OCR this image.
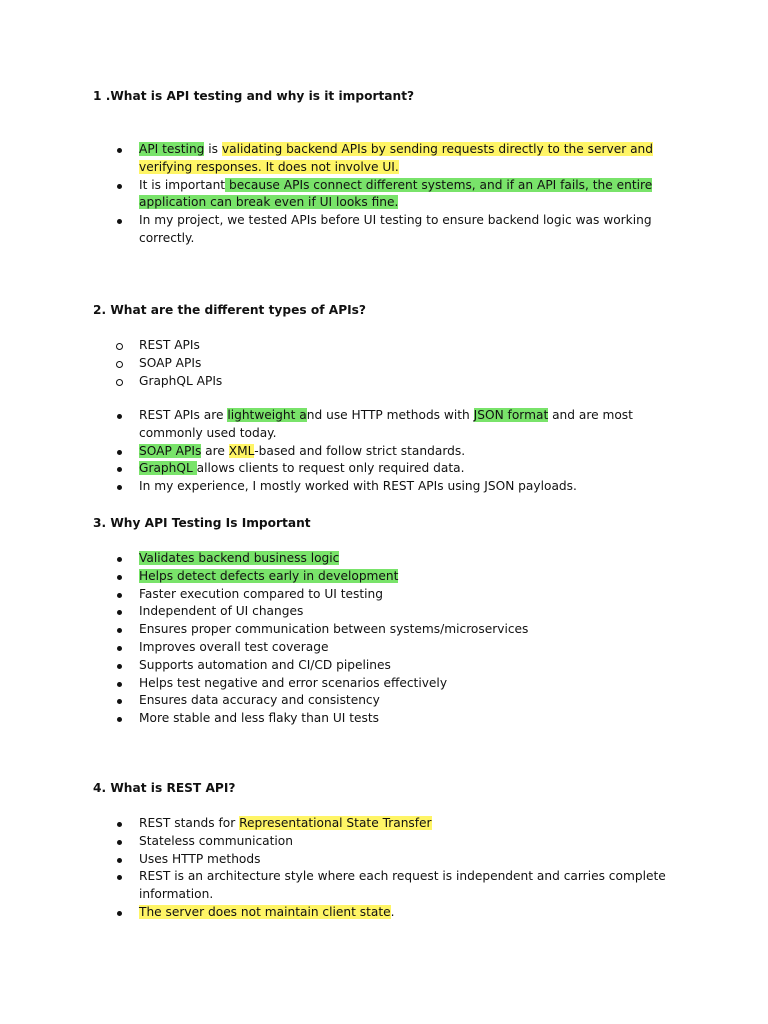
1 .What is API testing and why is it important?

API testing is validating backend APIs by sending requests directly to the server and verifying responses. It does not involve UI.
It is important because APIs connect different systems, and if an API fails, the entire application can break even if UI looks fine.
In my project, we tested APIs before UI testing to ensure backend logic was working correctly.

2. What are the different types of APIs?

REST APIs
SOAP APIs
GraphQL APIs
REST APIs are lightweight and use HTTP methods with JSON format and are most commonly used today.
SOAP APIs are XML-based and follow strict standards.
GraphQL allows clients to request only required data.
In my experience, I mostly worked with REST APIs using JSON payloads.

3. Why API Testing Is Important

Validates backend business logic
Helps detect defects early in development
Faster execution compared to UI testing
Independent of UI changes
Ensures proper communication between systems/microservices
Improves overall test coverage
Supports automation and CI/CD pipelines
Helps test negative and error scenarios effectively
Ensures data accuracy and consistency
More stable and less flaky than UI tests

4. What is REST API?

REST stands for Representational State Transfer
Stateless communication
Uses HTTP methods
REST is an architecture style where each request is independent and carries complete information.
The server does not maintain client state.
